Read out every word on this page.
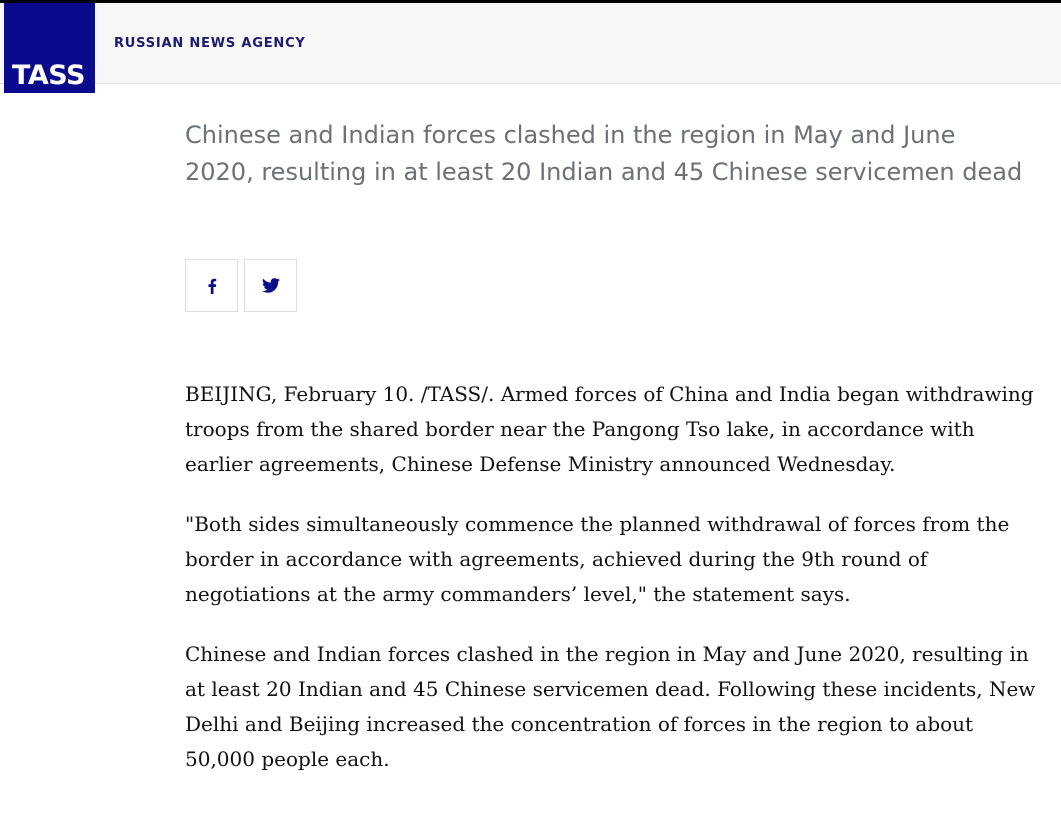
RUSSIAN NEWS AGENCY

TASS
Chinese and Indian forces clashed in the region in May and June 2020, resulting in at least 20 Indian and 45 Chinese servicemen dead

BEIJING, February 10. /TASS/. Armed forces of China and India began withdrawing troops from the shared border near the Pangong Tso lake, in accordance with earlier agreements, Chinese Defense Ministry announced Wednesday.

"Both sides simultaneously commence the planned withdrawal of forces from the border in accordance with agreements, achieved during the 9th round of negotiations at the army commanders’ level," the statement says.

Chinese and Indian forces clashed in the region in May and June 2020, resulting in at least 20 Indian and 45 Chinese servicemen dead. Following these incidents, New Delhi and Beijing increased the concentration of forces in the region to about 50,000 people each.
